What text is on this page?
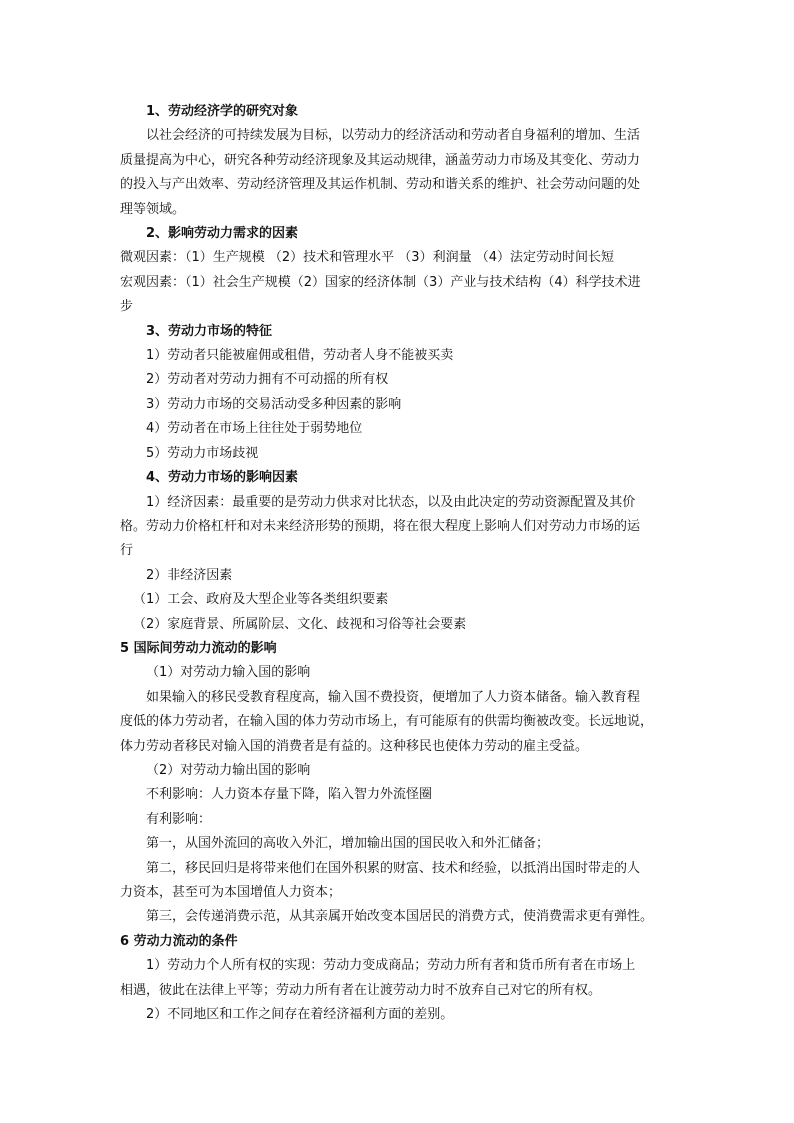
1、劳动经济学的研究对象
以社会经济的可持续发展为目标，以劳动力的经济活动和劳动者自身福利的增加、生活
质量提高为中心，研究各种劳动经济现象及其运动规律，涵盖劳动力市场及其变化、劳动力
的投入与产出效率、劳动经济管理及其运作机制、劳动和谐关系的维护、社会劳动问题的处
理等领域。
2、影响劳动力需求的因素
微观因素：（1）生产规模 （2）技术和管理水平 （3）利润量 （4）法定劳动时间长短
宏观因素：（1）社会生产规模（2）国家的经济体制（3）产业与技术结构（4）科学技术进
步
3、劳动力市场的特征
1）劳动者只能被雇佣或租借，劳动者人身不能被买卖
2）劳动者对劳动力拥有不可动摇的所有权
3）劳动力市场的交易活动受多种因素的影响
4）劳动者在市场上往往处于弱势地位
5）劳动力市场歧视
4、劳动力市场的影响因素
1）经济因素：最重要的是劳动力供求对比状态，以及由此决定的劳动资源配置及其价
格。劳动力价格杠杆和对未来经济形势的预期，将在很大程度上影响人们对劳动力市场的运
行
2）非经济因素
（1）工会、政府及大型企业等各类组织要素
（2）家庭背景、所属阶层、文化、歧视和习俗等社会要素
5 国际间劳动力流动的影响
（1）对劳动力输入国的影响
如果输入的移民受教育程度高，输入国不费投资，便增加了人力资本储备。输入教育程
度低的体力劳动者，在输入国的体力劳动市场上，有可能原有的供需均衡被改变。长远地说，
体力劳动者移民对输入国的消费者是有益的。这种移民也使体力劳动的雇主受益。
（2）对劳动力输出国的影响
不利影响：人力资本存量下降，陷入智力外流怪圈
有利影响：
第一，从国外流回的高收入外汇，增加输出国的国民收入和外汇储备；
第二，移民回归是将带来他们在国外积累的财富、技术和经验，以抵消出国时带走的人
力资本，甚至可为本国增值人力资本；
第三，会传递消费示范，从其亲属开始改变本国居民的消费方式，使消费需求更有弹性。
6 劳动力流动的条件
1）劳动力个人所有权的实现：劳动力变成商品；劳动力所有者和货币所有者在市场上
相遇，彼此在法律上平等；劳动力所有者在让渡劳动力时不放弃自己对它的所有权。
2）不同地区和工作之间存在着经济福利方面的差别。
